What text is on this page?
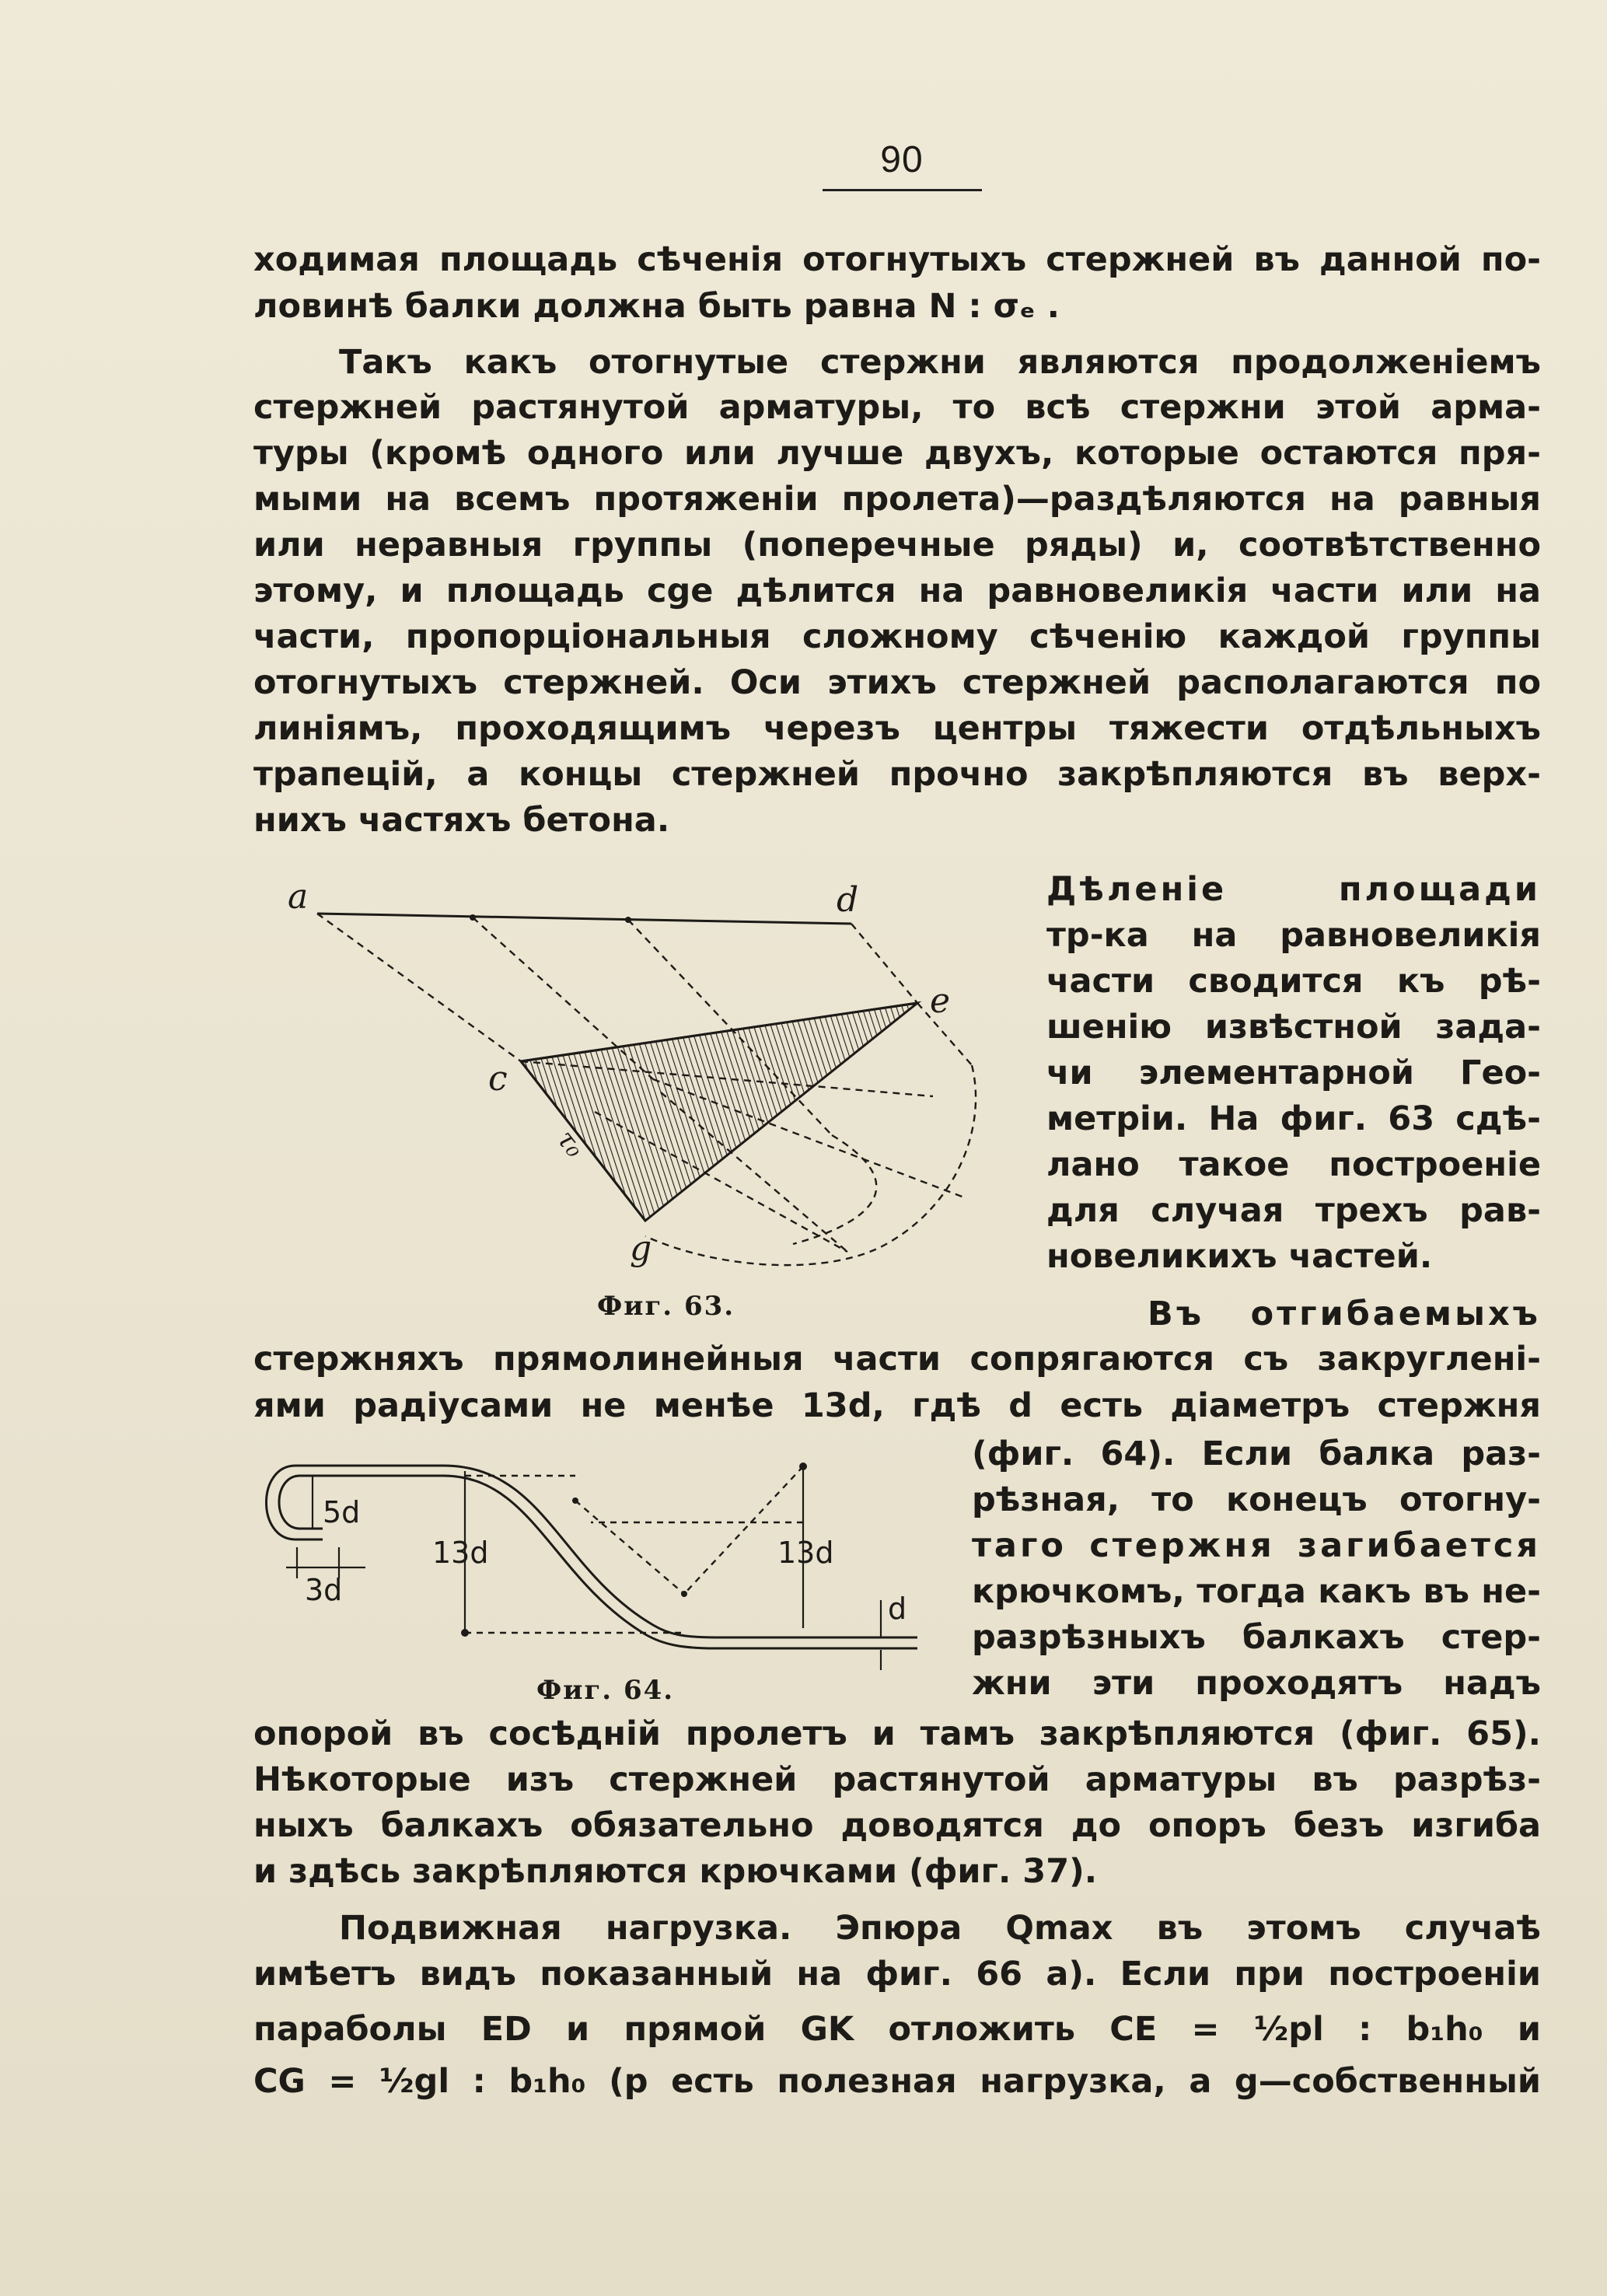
90
ходимая площадь сѣченія отогнутыхъ стержней въ данной по-
ловинѣ балки должна быть равна N : σₑ .
Такъ какъ отогнутые стержни являются продолженіемъ
стержней растянутой арматуры, то всѣ стержни этой арма-
туры (кромѣ одного или лучше двухъ, которые остаются пря-
мыми на всемъ протяженіи пролета)—раздѣляются на равныя
или неравныя группы (поперечные ряды) и, соотвѣтственно
этому, и площадь cge дѣлится на равновеликія части или на
части, пропорціональныя сложному сѣченію каждой группы
отогнутыхъ стержней. Оси этихъ стержней располагаются по
линіямъ, проходящимъ черезъ центры тяжести отдѣльныхъ
трапецій, а концы стержней прочно закрѣпляются въ верх-
нихъ частяхъ бетона.
Дѣленіе площади
тр-ка на равновеликія
части сводится къ рѣ-
шенію извѣстной зада-
чи элементарной Гео-
метріи. На фиг. 63 сдѣ-
лано такое построеніе
для случая трехъ рав-
новеликихъ частей.
Въ отгибаемыхъ
a	d
e
c
g
τ₀
Фиг. 63.
стержняхъ прямолинейныя части сопрягаются съ закругленi-
ями радіусами не менѣе 13d, гдѣ d есть діаметръ стержня
(фиг. 64). Если балка раз-
рѣзная, то конецъ отогну-
таго стержня загибается
крючкомъ, тогда какъ въ не-
разрѣзныхъ балкахъ стер-
жни эти проходятъ надъ
5d
3d
13d	13d
d
Фиг. 64.
опорой въ сосѣдній пролетъ и тамъ закрѣпляются (фиг. 65).
Нѣкоторые изъ стержней растянутой арматуры въ разрѣз-
ныхъ балкахъ обязательно доводятся до опоръ безъ изгиба
и здѣсь закрѣпляются крючками (фиг. 37).
Подвижная нагрузка. Эпюра Qmax въ этомъ случаѣ
имѣетъ видъ показанный на фиг. 66 a). Если при построеніи
параболы ED и прямой GK отложить CE = ½pl : b₁h₀ и
CG = ½gl : b₁h₀ (p есть полезная нагрузка, а g—собственный
